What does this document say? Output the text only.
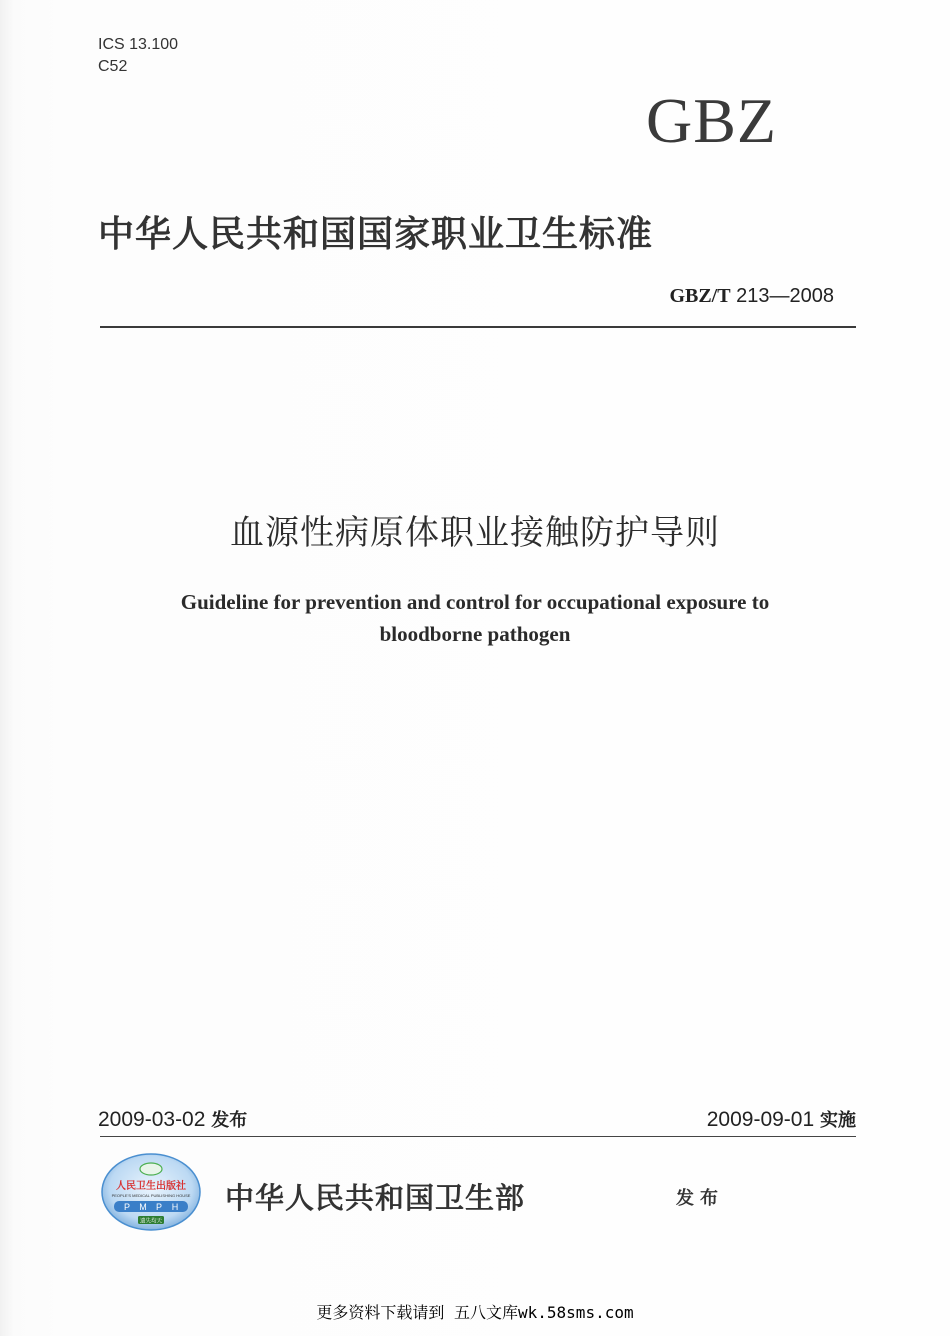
ICS 13.100
C52
GBZ
中华人民共和国国家职业卫生标准
GBZ/T 213—2008
血源性病原体职业接触防护导则
Guideline for prevention and control for occupational exposure to
bloodborne pathogen
2009-03-02 发布	2009-09-01 实施
人民卫生出版社
PEOPLE'S MEDICAL PUBLISHING HOUSE
P M P H
遗失均天
中华人民共和国卫生部	发布
更多资料下载请到 五八文库wk.58sms.com
